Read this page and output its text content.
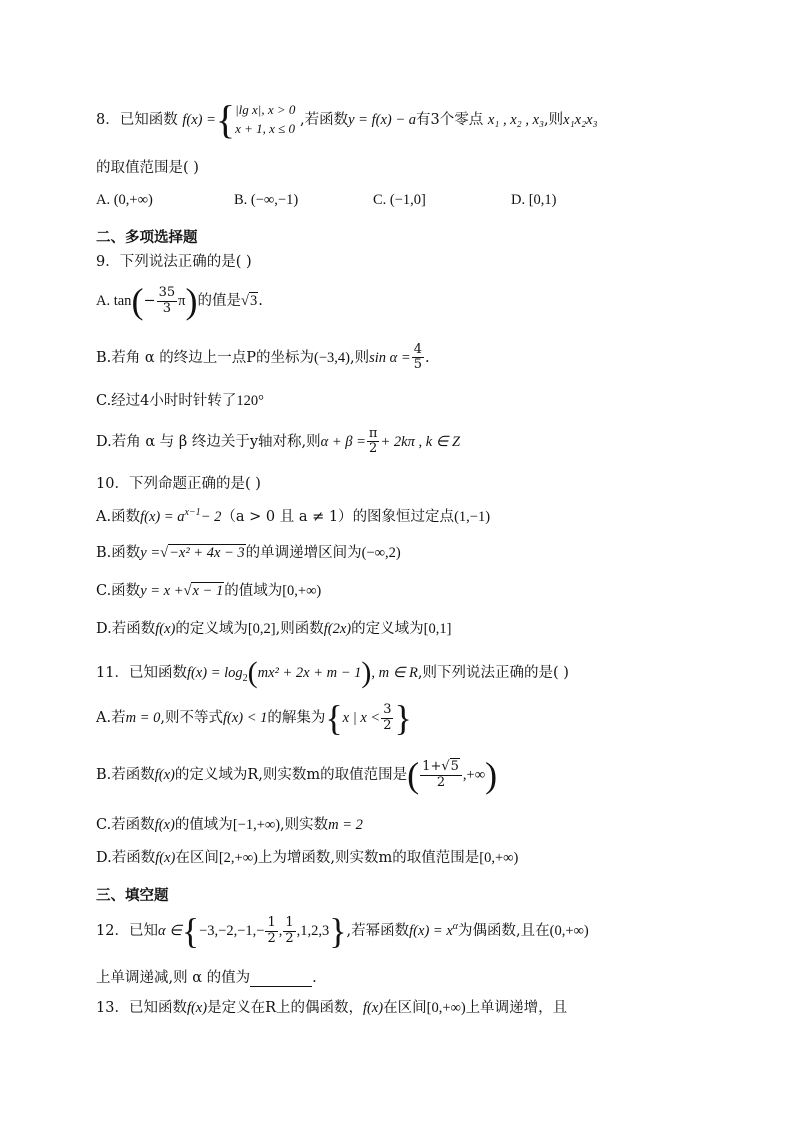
8．已知函数 f(x) ={ |lg x|, x > 0
x + 1, x ≤ 0
,若函数y = f(x) − a有3个零点 x₁ , x₂ , x₃,则x₁x₂x₃
的取值范围是( )
A. (0,+∞)	B. (−∞,−1)	C. (−1,0]	D. [0,1)
二、多项选择题
9．下列说法正确的是( )
A. $\tan(- \frac{35}{3} \pi)$的值是√3.
B.若角 α 的终边上一点P的坐标为(−3,4),则$\sin \alpha = \frac{4}{5}$ .
C.经过4小时时针转了120°
D.若角 α 与 β 终边关于y轴对称,则$\alpha + \beta = \frac{\pi}{2} + 2k\pi$ , k ∈ Z
10．下列命题正确的是( )
A.函数$f(x) = a^{x-1}- 2(a > 0$ 且 a ≠ 1）的图象恒过定点(1,−1)
B.函数y =√−x² + 4x − 3的单调递增区间为(−∞,2)
C.函数y = x +√x − 1的值域为[0,+∞)
D.若函数f(x)的定义域为[0,2],则函数f(2x)的定义域为[0,1]
11．已知函数$f(x) = \log_2(mx^2 + 2x + m - 1)$, m ∈ R,则下列说法正确的是( )
A.若m = 0,则不等式f(x) < 1的解集为{x | $x < \frac{3}{2}$ }
B.若函数f(x)的定义域为R,则实数m的取值范围是( $\frac{1+√5}{2}$ ,+∞)
C.若函数f(x)的值域为[−1,+∞),则实数m = 2
D.若函数f(x)在区间[2,+∞)上为增函数,则实数m的取值范围是[0,+∞)
三、填空题
12．已知α ∈{−3,−2,−1,− $\frac{1}{2}$ , $\frac{1}{2} ,1,2,3$},若幂函数$f(x) = x^\alpha$为偶函数,且在(0,+∞)
上单调递减,则 α 的值为	.
13．已知函数f(x)是定义在R上的偶函数，f(x)在区间[0,+∞)上单调递增，且
